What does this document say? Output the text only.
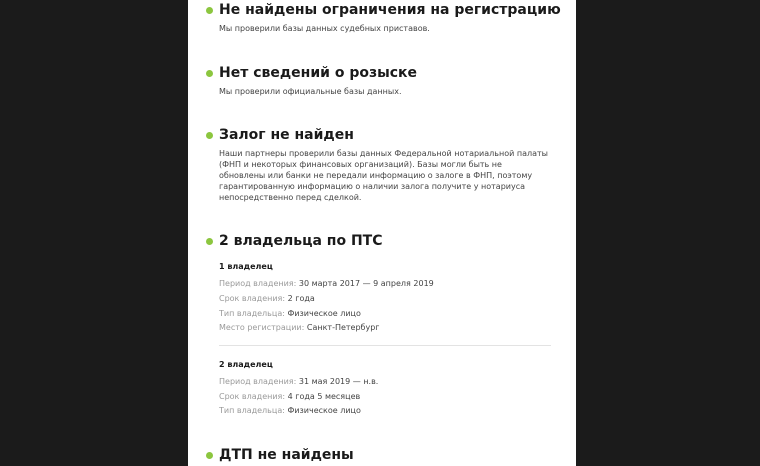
Не найдены ограничения на регистрацию
Мы проверили базы данных судебных приставов.
Нет сведений о розыске
Мы проверили официальные базы данных.
Залог не найден
Наши партнеры проверили базы данных Федеральной нотариальной палаты (ФНП и некоторых финансовых организаций). Базы могли быть не обновлены или банки не передали информацию о залоге в ФНП, поэтому гарантированную информацию о наличии залога получите у нотариуса непосредственно перед сделкой.
2 владельца по ПТС
1 владелец
Период владения: 30 марта 2017 — 9 апреля 2019
Срок владения: 2 года
Тип владельца: Физическое лицо
Место регистрации: Санкт-Петербург
2 владелец
Период владения: 31 мая 2019 — н.в.
Срок владения: 4 года 5 месяцев
Тип владельца: Физическое лицо
ДТП не найдены
